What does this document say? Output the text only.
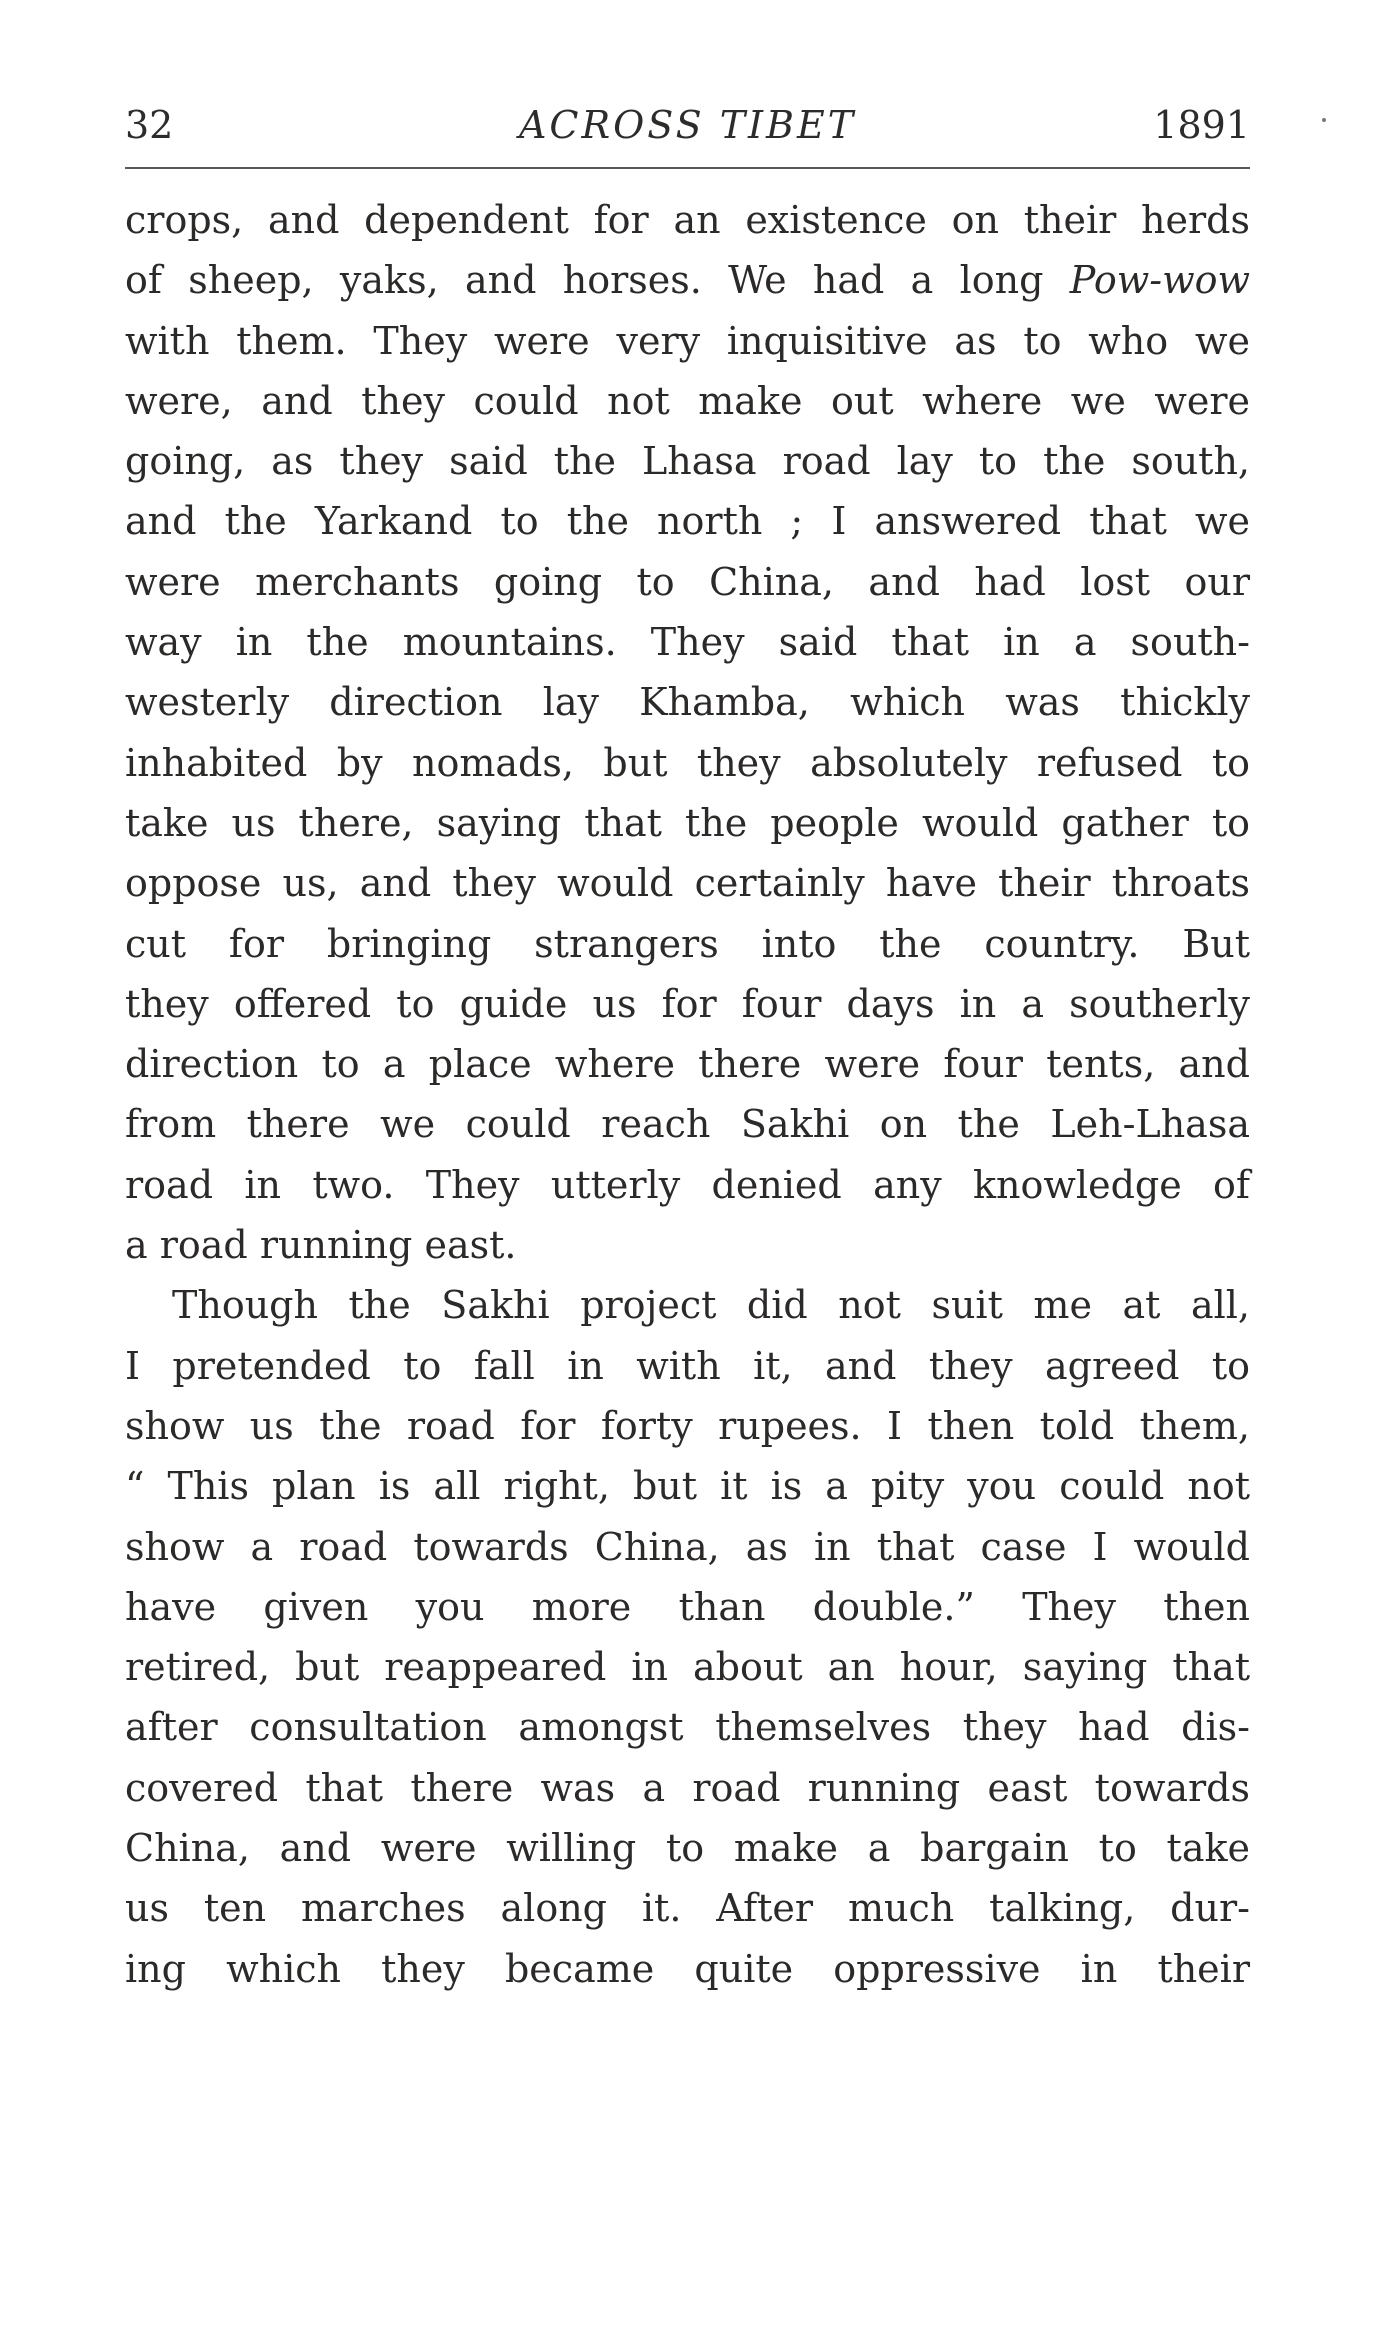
32	ACROSS TIBET	1891
crops, and dependent for an existence on their herds
of sheep, yaks, and horses. We had a long Pow-wow
with them. They were very inquisitive as to who we
were, and they could not make out where we were
going, as they said the Lhasa road lay to the south,
and the Yarkand to the north ; I answered that we
were merchants going to China, and had lost our
way in the mountains. They said that in a south-
westerly direction lay Khamba, which was thickly
inhabited by nomads, but they absolutely refused to
take us there, saying that the people would gather to
oppose us, and they would certainly have their throats
cut for bringing strangers into the country. But
they offered to guide us for four days in a southerly
direction to a place where there were four tents, and
from there we could reach Sakhi on the Leh-Lhasa
road in two. They utterly denied any knowledge of
a road running east.
Though the Sakhi project did not suit me at all,
I pretended to fall in with it, and they agreed to
show us the road for forty rupees. I then told them,
“ This plan is all right, but it is a pity you could not
show a road towards China, as in that case I would
have given you more than double.” They then
retired, but reappeared in about an hour, saying that
after consultation amongst themselves they had dis-
covered that there was a road running east towards
China, and were willing to make a bargain to take
us ten marches along it. After much talking, dur-
ing which they became quite oppressive in their
